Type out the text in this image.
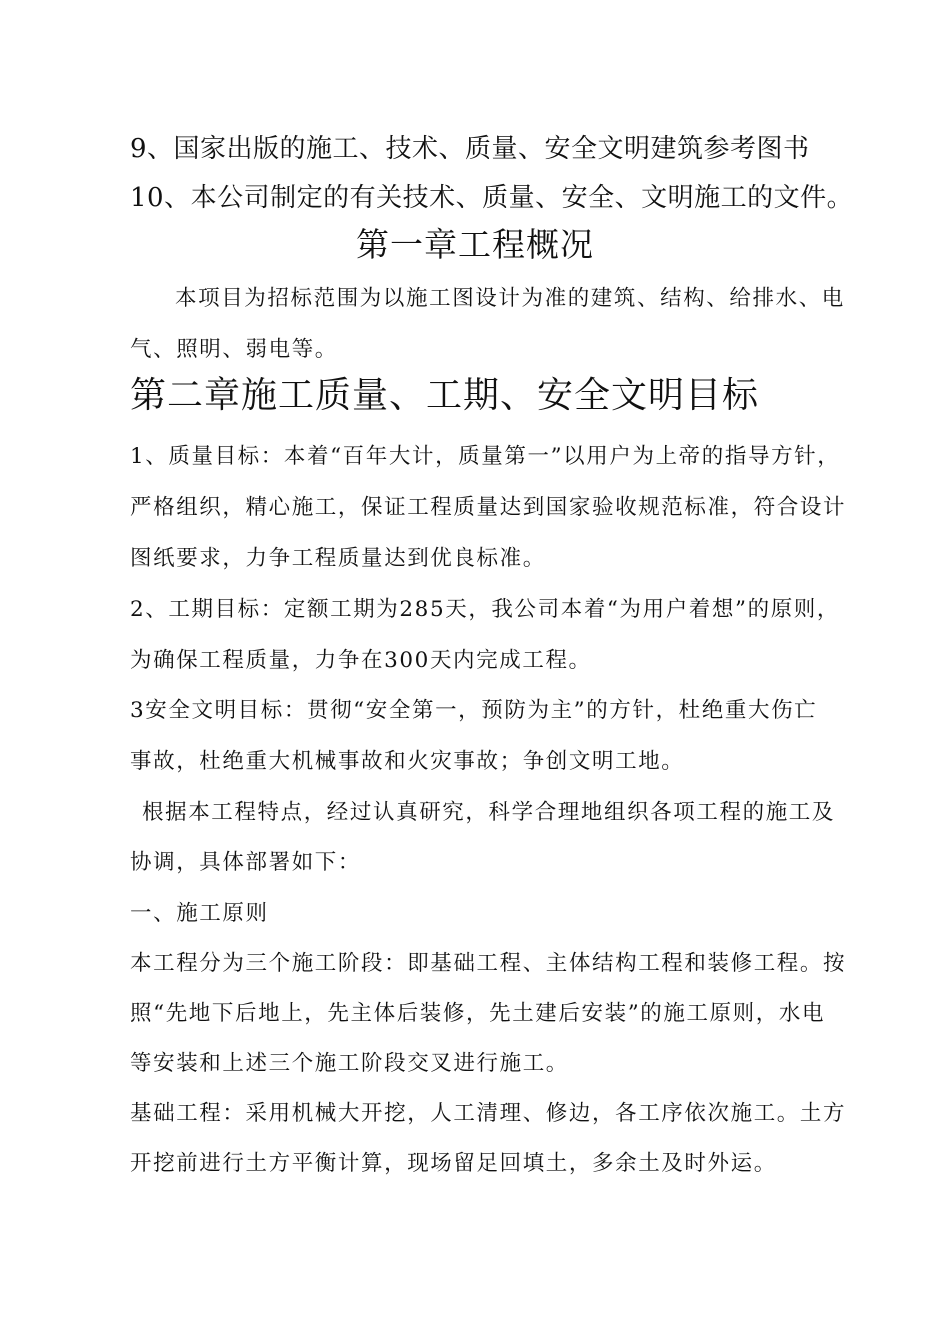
9、国家出版的施工、技术、质量、安全文明建筑参考图书
10、本公司制定的有关技术、质量、安全、文明施工的文件。
第一章工程概况
本项目为招标范围为以施工图设计为准的建筑、结构、给排水、电
气、照明、弱电等。
第二章施工质量、工期、安全文明目标
1、质量目标：本着“百年大计，质量第一”以用户为上帝的指导方针，
严格组织，精心施工，保证工程质量达到国家验收规范标准，符合设计
图纸要求，力争工程质量达到优良标准。
2、工期目标：定额工期为285天，我公司本着“为用户着想”的原则，
为确保工程质量，力争在300天内完成工程。
3安全文明目标：贯彻“安全第一，预防为主”的方针，杜绝重大伤亡
事故，杜绝重大机械事故和火灾事故；争创文明工地。
根据本工程特点，经过认真研究，科学合理地组织各项工程的施工及
协调，具体部署如下：
一、施工原则
本工程分为三个施工阶段：即基础工程、主体结构工程和装修工程。按
照“先地下后地上，先主体后装修，先土建后安装”的施工原则，水电
等安装和上述三个施工阶段交叉进行施工。
基础工程：采用机械大开挖，人工清理、修边，各工序依次施工。土方
开挖前进行土方平衡计算，现场留足回填土，多余土及时外运。
